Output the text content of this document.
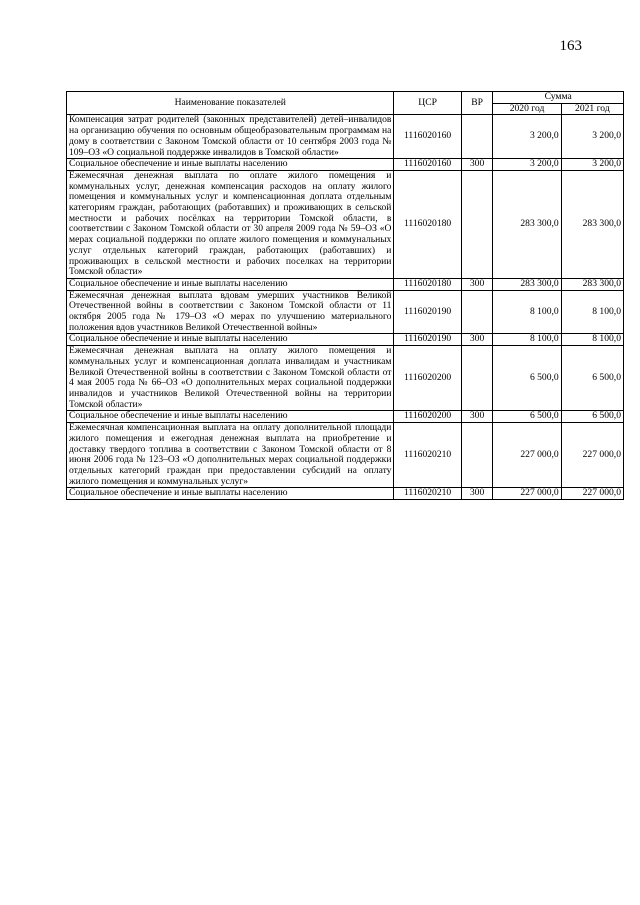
163
Наименование показателей	ЦСР	ВР	Сумма	
			2020 год	2021 год
Компенсация затрат родителей (законных представителей) детей–инвалидов на организацию обучения по основным общеобразовательным программам на дому в соответствии с Законом Томской области от 10 сентября 2003 года № 109–ОЗ «О социальной поддержке инвалидов в Томской области»	1116020160		3 200,0	3 200,0
Социальное обеспечение и иные выплаты населению	1116020160	300	3 200,0	3 200,0
Ежемесячная денежная выплата по оплате жилого помещения и коммунальных услуг, денежная компенсация расходов на оплату жилого помещения и коммунальных услуг и компенсационная доплата отдельным категориям граждан, работающих (работавших) и проживающих в сельской местности и рабочих посёлках на территории Томской области, в соответствии с Законом Томской области от 30 апреля 2009 года № 59–ОЗ «О мерах социальной поддержки по оплате жилого помещения и коммунальных услуг отдельных категорий граждан, работающих (работавших) и проживающих в сельской местности и рабочих поселках на территории Томской области»	1116020180		283 300,0	283 300,0
Социальное обеспечение и иные выплаты населению	1116020180	300	283 300,0	283 300,0
Ежемесячная денежная выплата вдовам умерших участников Великой Отечественной войны в соответствии с Законом Томской области от 11 октября 2005 года № 179–ОЗ «О мерах по улучшению материального положения вдов участников Великой Отечественной войны»	1116020190		8 100,0	8 100,0
Социальное обеспечение и иные выплаты населению	1116020190	300	8 100,0	8 100,0
Ежемесячная денежная выплата на оплату жилого помещения и коммунальных услуг и компенсационная доплата инвалидам и участникам Великой Отечественной войны в соответствии с Законом Томской области от 4 мая 2005 года № 66–ОЗ «О дополнительных мерах социальной поддержки инвалидов и участников Великой Отечественной войны на территории Томской области»	1116020200		6 500,0	6 500,0
Социальное обеспечение и иные выплаты населению	1116020200	300	6 500,0	6 500,0
Ежемесячная компенсационная выплата на оплату дополнительной площади жилого помещения и ежегодная денежная выплата на приобретение и доставку твердого топлива в соответствии с Законом Томской области от 8 июня 2006 года № 123–ОЗ «О дополнительных мерах социальной поддержки отдельных категорий граждан при предоставлении субсидий на оплату жилого помещения и коммунальных услуг»	1116020210		227 000,0	227 000,0
Социальное обеспечение и иные выплаты населению	1116020210	300	227 000,0	227 000,0
